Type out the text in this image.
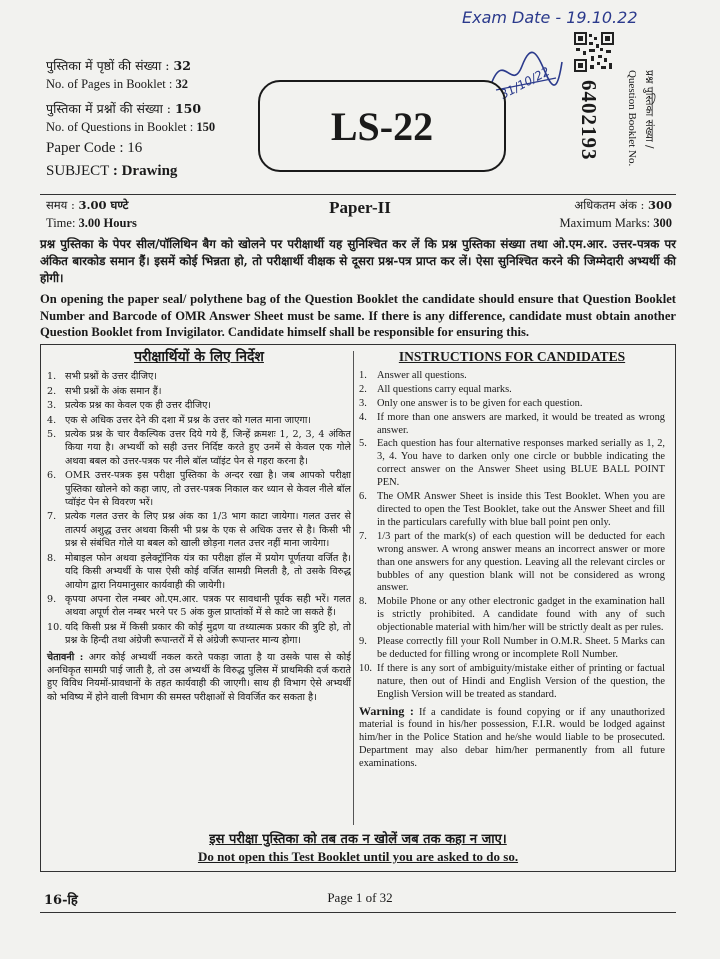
Exam Date - 19.10.22
31/10/22 6402193	प्रश्न पुस्तिका संख्या /
Question Booklet No.
पुस्तिका में पृष्ठों की संख्या : 32
No. of Pages in Booklet : 32
पुस्तिका में प्रश्नों की संख्या : 150
No. of Questions in Booklet : 150
Paper Code : 16
SUBJECT : Drawing
LS-22
समय : 3.00 घण्टे
Time: 3.00 Hours
Paper-II	अधिकतम अंक : 300
Maximum Marks: 300

प्रश्न पुस्तिका के पेपर सील/पॉलिथिन बैग को खोलने पर परीक्षार्थी यह सुनिश्चित कर लें कि प्रश्न पुस्तिका संख्या तथा ओ.एम.आर. उत्तर-पत्रक पर अंकित बारकोड समान हैं। इसमें कोई भिन्नता हो, तो परीक्षार्थी वीक्षक से दूसरा प्रश्न-पत्र प्राप्त कर लें। ऐसा सुनिश्चित करने की जिम्मेदारी अभ्यर्थी की होगी।

On opening the paper seal/ polythene bag of the Question Booklet the candidate should ensure that Question Booklet Number and Barcode of OMR Answer Sheet must be same. If there is any difference, candidate must obtain another Question Booklet from Invigilator. Candidate himself shall be responsible for ensuring this.

परीक्षार्थियों के लिए निर्देश
1. सभी प्रश्नों के उत्तर दीजिए।
2. सभी प्रश्नों के अंक समान हैं।
3. प्रत्येक प्रश्न का केवल एक ही उत्तर दीजिए।
4. एक से अधिक उत्तर देने की दशा में प्रश्न के उत्तर को गलत माना जाएगा।
5. प्रत्येक प्रश्न के चार वैकल्पिक उत्तर दिये गये हैं, जिन्हें क्रमशः 1, 2, 3, 4 अंकित किया गया है। अभ्यर्थी को सही उत्तर निर्दिष्ट करते हुए उनमें से केवल एक गोले अथवा बबल को उत्तर-पत्रक पर नीले बॉल प्वॉइंट पेन से गहरा करना है।
6. OMR उत्तर-पत्रक इस परीक्षा पुस्तिका के अन्दर रखा है। जब आपको परीक्षा पुस्तिका खोलने को कहा जाए, तो उत्तर-पत्रक निकाल कर ध्यान से केवल नीले बॉल प्वॉइंट पेन से विवरण भरें।
7. प्रत्येक गलत उत्तर के लिए प्रश्न अंक का 1/3 भाग काटा जायेगा। गलत उत्तर से तात्पर्य अशुद्ध उत्तर अथवा किसी भी प्रश्न के एक से अधिक उत्तर से है। किसी भी प्रश्न से संबंधित गोले या बबल को खाली छोड़ना गलत उत्तर नहीं माना जायेगा।
8. मोबाइल फोन अथवा इलेक्ट्रॉनिक यंत्र का परीक्षा हॉल में प्रयोग पूर्णतया वर्जित है। यदि किसी अभ्यर्थी के पास ऐसी कोई वर्जित सामग्री मिलती है, तो उसके विरुद्ध आयोग द्वारा नियमानुसार कार्यवाही की जायेगी।
9. कृपया अपना रोल नम्बर ओ.एम.आर. पत्रक पर सावधानी पूर्वक सही भरें। गलत अथवा अपूर्ण रोल नम्बर भरने पर 5 अंक कुल प्राप्तांकों में से काटे जा सकते हैं।
10. यदि किसी प्रश्न में किसी प्रकार की कोई मुद्रण या तथ्यात्मक प्रकार की त्रुटि हो, तो प्रश्न के हिन्दी तथा अंग्रेजी रूपान्तरों में से अंग्रेजी रूपान्तर मान्य होगा।
चेतावनी : अगर कोई अभ्यर्थी नकल करते पकड़ा जाता है या उसके पास से कोई अनधिकृत सामग्री पाई जाती है, तो उस अभ्यर्थी के विरुद्ध पुलिस में प्राथमिकी दर्ज कराते हुए विविध नियमों-प्रावधानों के तहत कार्यवाही की जाएगी। साथ ही विभाग ऐसे अभ्यर्थी को भविष्य में होने वाली विभाग की समस्त परीक्षाओं से विवर्जित कर सकता है।
INSTRUCTIONS FOR CANDIDATES
1. Answer all questions.
2. All questions carry equal marks.
3. Only one answer is to be given for each question.
4. If more than one answers are marked, it would be treated as wrong answer.
5. Each question has four alternative responses marked serially as 1, 2, 3, 4. You have to darken only one circle or bubble indicating the correct answer on the Answer Sheet using BLUE BALL POINT PEN.
6. The OMR Answer Sheet is inside this Test Booklet. When you are directed to open the Test Booklet, take out the Answer Sheet and fill in the particulars carefully with blue ball point pen only.
7. 1/3 part of the mark(s) of each question will be deducted for each wrong answer. A wrong answer means an incorrect answer or more than one answers for any question. Leaving all the relevant circles or bubbles of any question blank will not be considered as wrong answer.
8. Mobile Phone or any other electronic gadget in the examination hall is strictly prohibited. A candidate found with any of such objectionable material with him/her will be strictly dealt as per rules.
9. Please correctly fill your Roll Number in O.M.R. Sheet. 5 Marks can be deducted for filling wrong or incomplete Roll Number.
10. If there is any sort of ambiguity/mistake either of printing or factual nature, then out of Hindi and English Version of the question, the English Version will be treated as standard.
Warning : If a candidate is found copying or if any unauthorized material is found in his/her possession, F.I.R. would be lodged against him/her in the Police Station and he/she would liable to be prosecuted. Department may also debar him/her permanently from all future examinations.
इस परीक्षा पुस्तिका को तब तक न खोलें जब तक कहा न जाए।
Do not open this Test Booklet until you are asked to do so.
16-हि	Page 1 of 32
